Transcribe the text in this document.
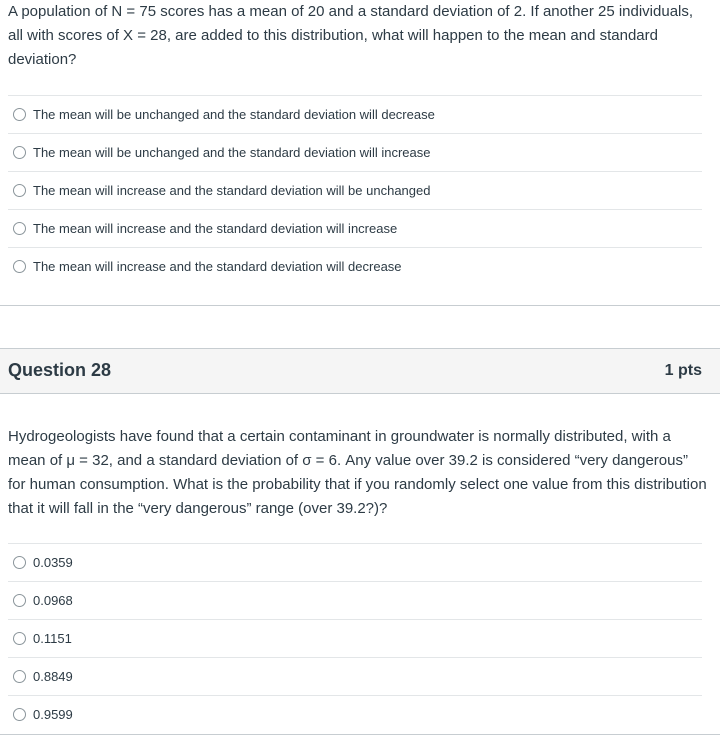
A population of N = 75 scores has a mean of 20 and a standard deviation of 2. If another 25 individuals, all with scores of X = 28, are added to this distribution, what will happen to the mean and standard deviation?

The mean will be unchanged and the standard deviation will decrease
The mean will be unchanged and the standard deviation will increase
The mean will increase and the standard deviation will be unchanged
The mean will increase and the standard deviation will increase
The mean will increase and the standard deviation will decrease
Question 28	1 pts

Hydrogeologists have found that a certain contaminant in groundwater is normally distributed, with a mean of μ = 32, and a standard deviation of σ = 6. Any value over 39.2 is considered “very dangerous” for human consumption. What is the probability that if you randomly select one value from this distribution that it will fall in the “very dangerous” range (over 39.2?)?

0.0359
0.0968
0.1151
0.8849
0.9599
